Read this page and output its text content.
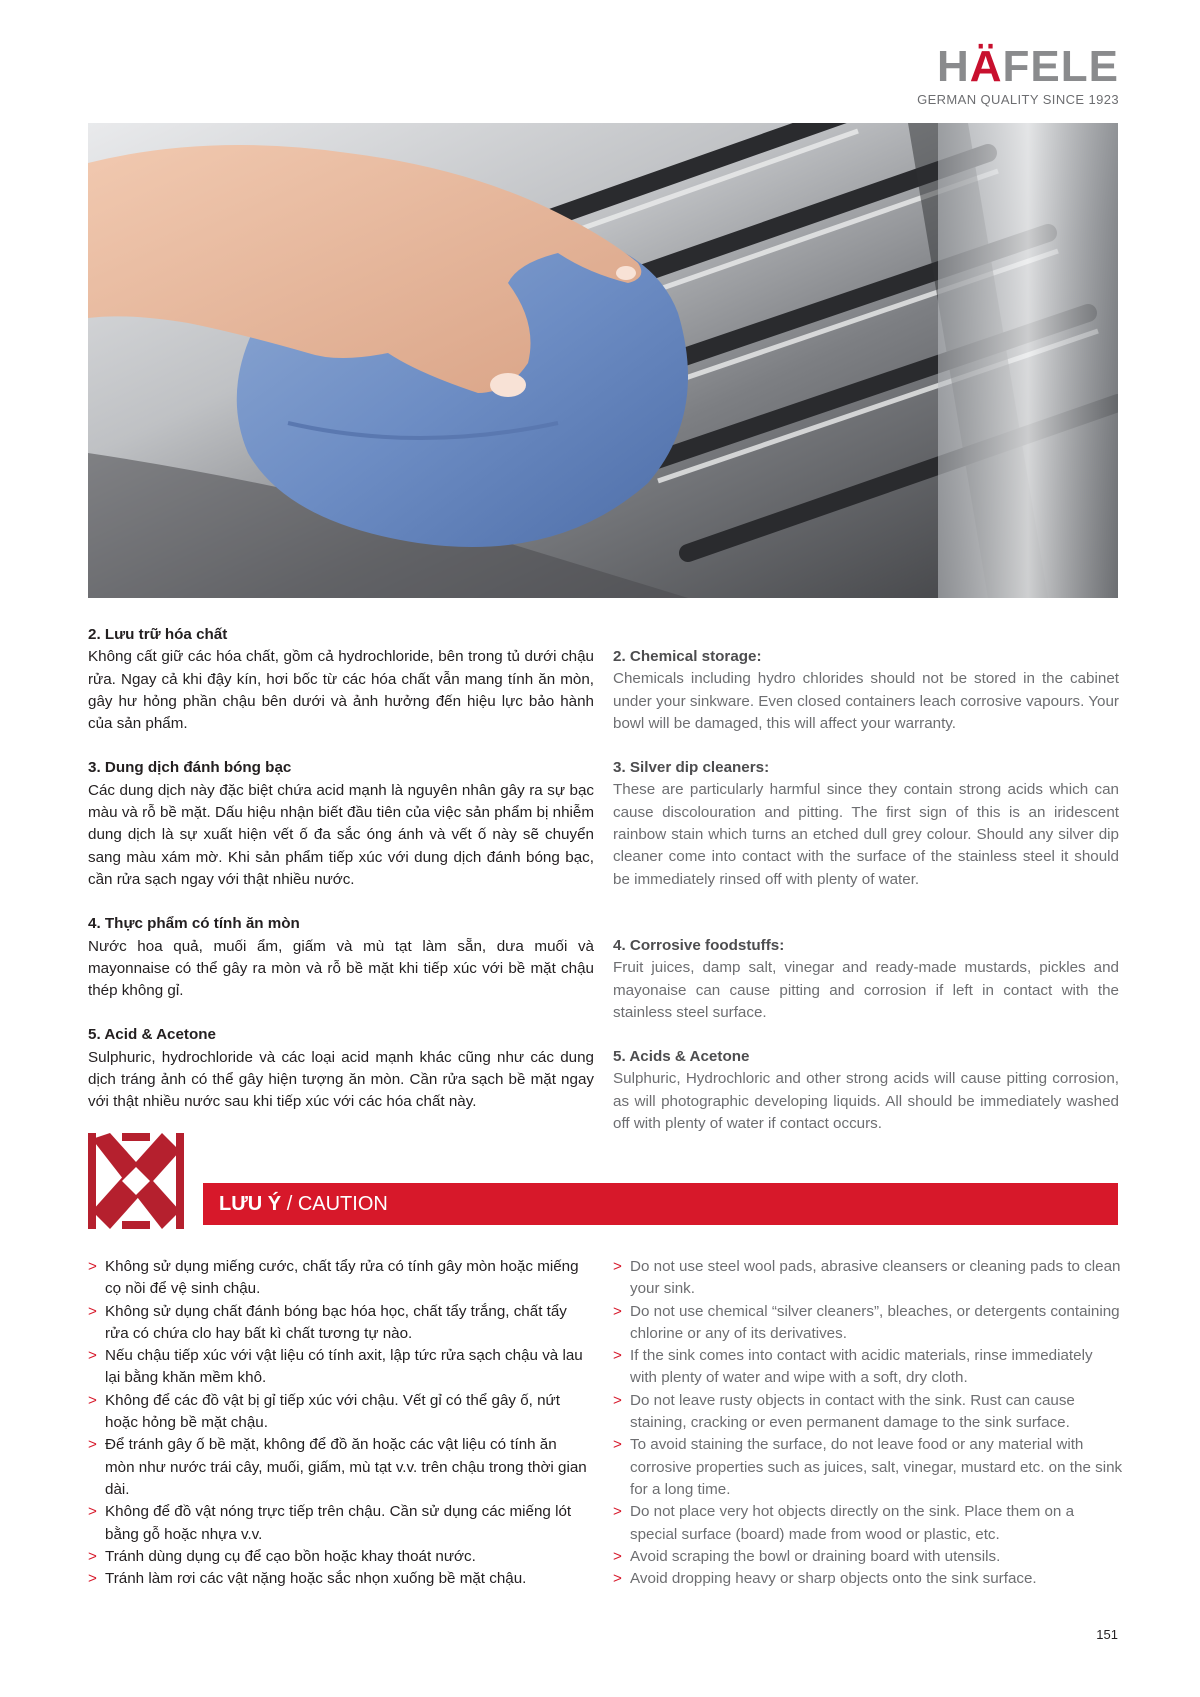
HÄFELE
GERMAN QUALITY SINCE 1923
2. Lưu trữ hóa chất

Không cất giữ các hóa chất, gồm cả hydrochloride, bên trong tủ dưới chậu rửa. Ngay cả khi đậy kín, hơi bốc từ các hóa chất vẫn mang tính ăn mòn, gây hư hỏng phần chậu bên dưới và ảnh hưởng đến hiệu lực bảo hành của sản phẩm.

3. Dung dịch đánh bóng bạc

Các dung dịch này đặc biệt chứa acid mạnh là nguyên nhân gây ra sự bạc màu và rỗ bề mặt. Dấu hiệu nhận biết đầu tiên của việc sản phẩm bị nhiễm dung dịch là sự xuất hiện vết ố đa sắc óng ánh và vết ố này sẽ chuyển sang màu xám mờ. Khi sản phẩm tiếp xúc với dung dịch đánh bóng bạc, cần rửa sạch ngay với thật nhiều nước.

4. Thực phẩm có tính ăn mòn

Nước hoa quả, muối ẩm, giấm và mù tạt làm sẵn, dưa muối và mayonnaise có thể gây ra mòn và rỗ bề mặt khi tiếp xúc với bề mặt chậu thép không gỉ.

5. Acid & Acetone

Sulphuric, hydrochloride và các loại acid mạnh khác cũng như các dung dịch tráng ảnh có thể gây hiện tượng ăn mòn. Cần rửa sạch bề mặt ngay với thật nhiều nước sau khi tiếp xúc với các hóa chất này.

2. Chemical storage:

Chemicals including hydro chlorides should not be stored in the cabinet under your sinkware. Even closed containers leach corrosive vapours. Your bowl will be damaged, this will affect your warranty.

3. Silver dip cleaners:

These are particularly harmful since they contain strong acids which can cause discolouration and pitting. The first sign of this is an iridescent rainbow stain which turns an etched dull grey colour. Should any silver dip cleaner come into contact with the surface of the stainless steel it should be immediately rinsed off with plenty of water.

4. Corrosive foodstuffs:

Fruit juices, damp salt, vinegar and ready-made mustards, pickles and mayonaise can cause pitting and corrosion if left in contact with the stainless steel surface.

5. Acids & Acetone

Sulphuric, Hydrochloric and other strong acids will cause pitting corrosion, as will photographic developing liquids. All should be immediately washed off with plenty of water if contact occurs.

LƯU Ý / CAUTION
> Không sử dụng miếng cước, chất tẩy rửa có tính gây mòn hoặc miếng cọ nồi để vệ sinh chậu.
> Không sử dụng chất đánh bóng bạc hóa học, chất tẩy trắng, chất tẩy rửa có chứa clo hay bất kì chất tương tự nào.
> Nếu chậu tiếp xúc với vật liệu có tính axit, lập tức rửa sạch chậu và lau lại bằng khăn mềm khô.
> Không để các đồ vật bị gỉ tiếp xúc với chậu. Vết gỉ có thể gây ố, nứt hoặc hỏng bề mặt chậu.
> Để tránh gây ố bề mặt, không để đồ ăn hoặc các vật liệu có tính ăn mòn như nước trái cây, muối, giấm, mù tạt v.v. trên chậu trong thời gian dài.
> Không để đồ vật nóng trực tiếp trên chậu. Cần sử dụng các miếng lót bằng gỗ hoặc nhựa v.v.
> Tránh dùng dụng cụ để cạo bồn hoặc khay thoát nước.
> Tránh làm rơi các vật nặng hoặc sắc nhọn xuống bề mặt chậu.
> Do not use steel wool pads, abrasive cleansers or cleaning pads to clean your sink.
> Do not use chemical “silver cleaners”, bleaches, or detergents containing chlorine or any of its derivatives.
> If the sink comes into contact with acidic materials, rinse immediately with plenty of water and wipe with a soft, dry cloth.
> Do not leave rusty objects in contact with the sink. Rust can cause staining, cracking or even permanent damage to the sink surface.
> To avoid staining the surface, do not leave food or any material with corrosive properties such as juices, salt, vinegar, mustard etc. on the sink for a long time.
> Do not place very hot objects directly on the sink. Place them on a special surface (board) made from wood or plastic, etc.
> Avoid scraping the bowl or draining board with utensils.
> Avoid dropping heavy or sharp objects onto the sink surface.
151
